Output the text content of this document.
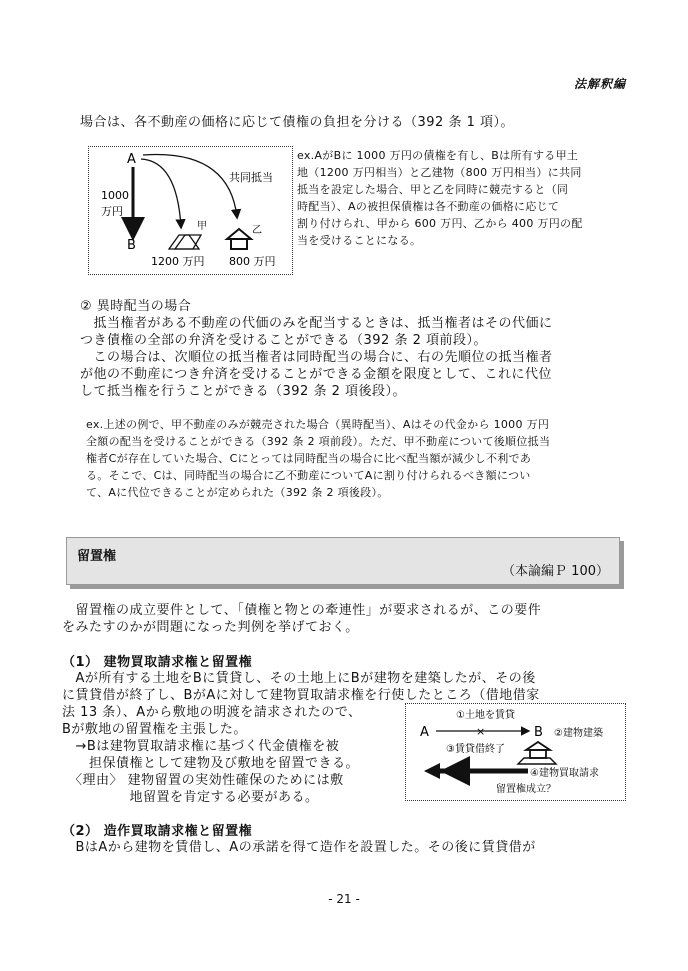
法解釈編
場合は、各不動産の価格に応じて債権の負担を分ける（392 条 1 項）。
A
1000
万円
B
共同抵当
甲	乙
1200 万円 800 万円
ex.AがBに 1000 万円の債権を有し、Bは所有する甲土
地（1200 万円相当）と乙建物（800 万円相当）に共同
抵当を設定した場合、甲と乙を同時に競売すると（同
時配当）、Aの被担保債権は各不動産の価格に応じて
割り付けられ、甲から 600 万円、乙から 400 万円の配
当を受けることになる。
② 異時配当の場合
　抵当権者がある不動産の代価のみを配当するときは、抵当権者はその代価に
つき債権の全部の弁済を受けることができる（392 条 2 項前段）。
　この場合は、次順位の抵当権者は同時配当の場合に、右の先順位の抵当権者
が他の不動産につき弁済を受けることができる金額を限度として、これに代位
して抵当権を行うことができる（392 条 2 項後段）。
ex.上述の例で、甲不動産のみが競売された場合（異時配当）、Aはその代金から 1000 万円
全額の配当を受けることができる（392 条 2 項前段）。ただ、甲不動産について後順位抵当
権者Cが存在していた場合、Cにとっては同時配当の場合に比べ配当額が減少し不利であ
る。そこで、Cは、同時配当の場合に乙不動産についてAに割り付けられるべき額につい
て、Aに代位できることが定められた（392 条 2 項後段）。
留置権
（本論編Ｐ 100）
　留置権の成立要件として、「債権と物との牽連性」が要求されるが、この要件
をみたすのかが問題になった判例を挙げておく。
（1） 建物買取請求権と留置権
　Aが所有する土地をBに賃貸し、その土地上にBが建物を建築したが、その後
に賃貸借が終了し、BがAに対して建物買取請求権を行使したところ（借地借家
法 13 条）、Aから敷地の明渡を請求されたので、
Bが敷地の留置権を主張した。
　→Bは建物買取請求権に基づく代金債権を被
　　担保債権として建物及び敷地を留置できる。
　〈理由〉 建物留置の実効性確保のためには敷
　　　　　地留置を肯定する必要がある。
①土地を賃貸
A	×	B ②建物建築
③賃貸借終了
④建物買取請求
留置権成立？
（2） 造作買取請求権と留置権
　BはAから建物を賃借し、Aの承諾を得て造作を設置した。その後に賃貸借が
- 21 -
